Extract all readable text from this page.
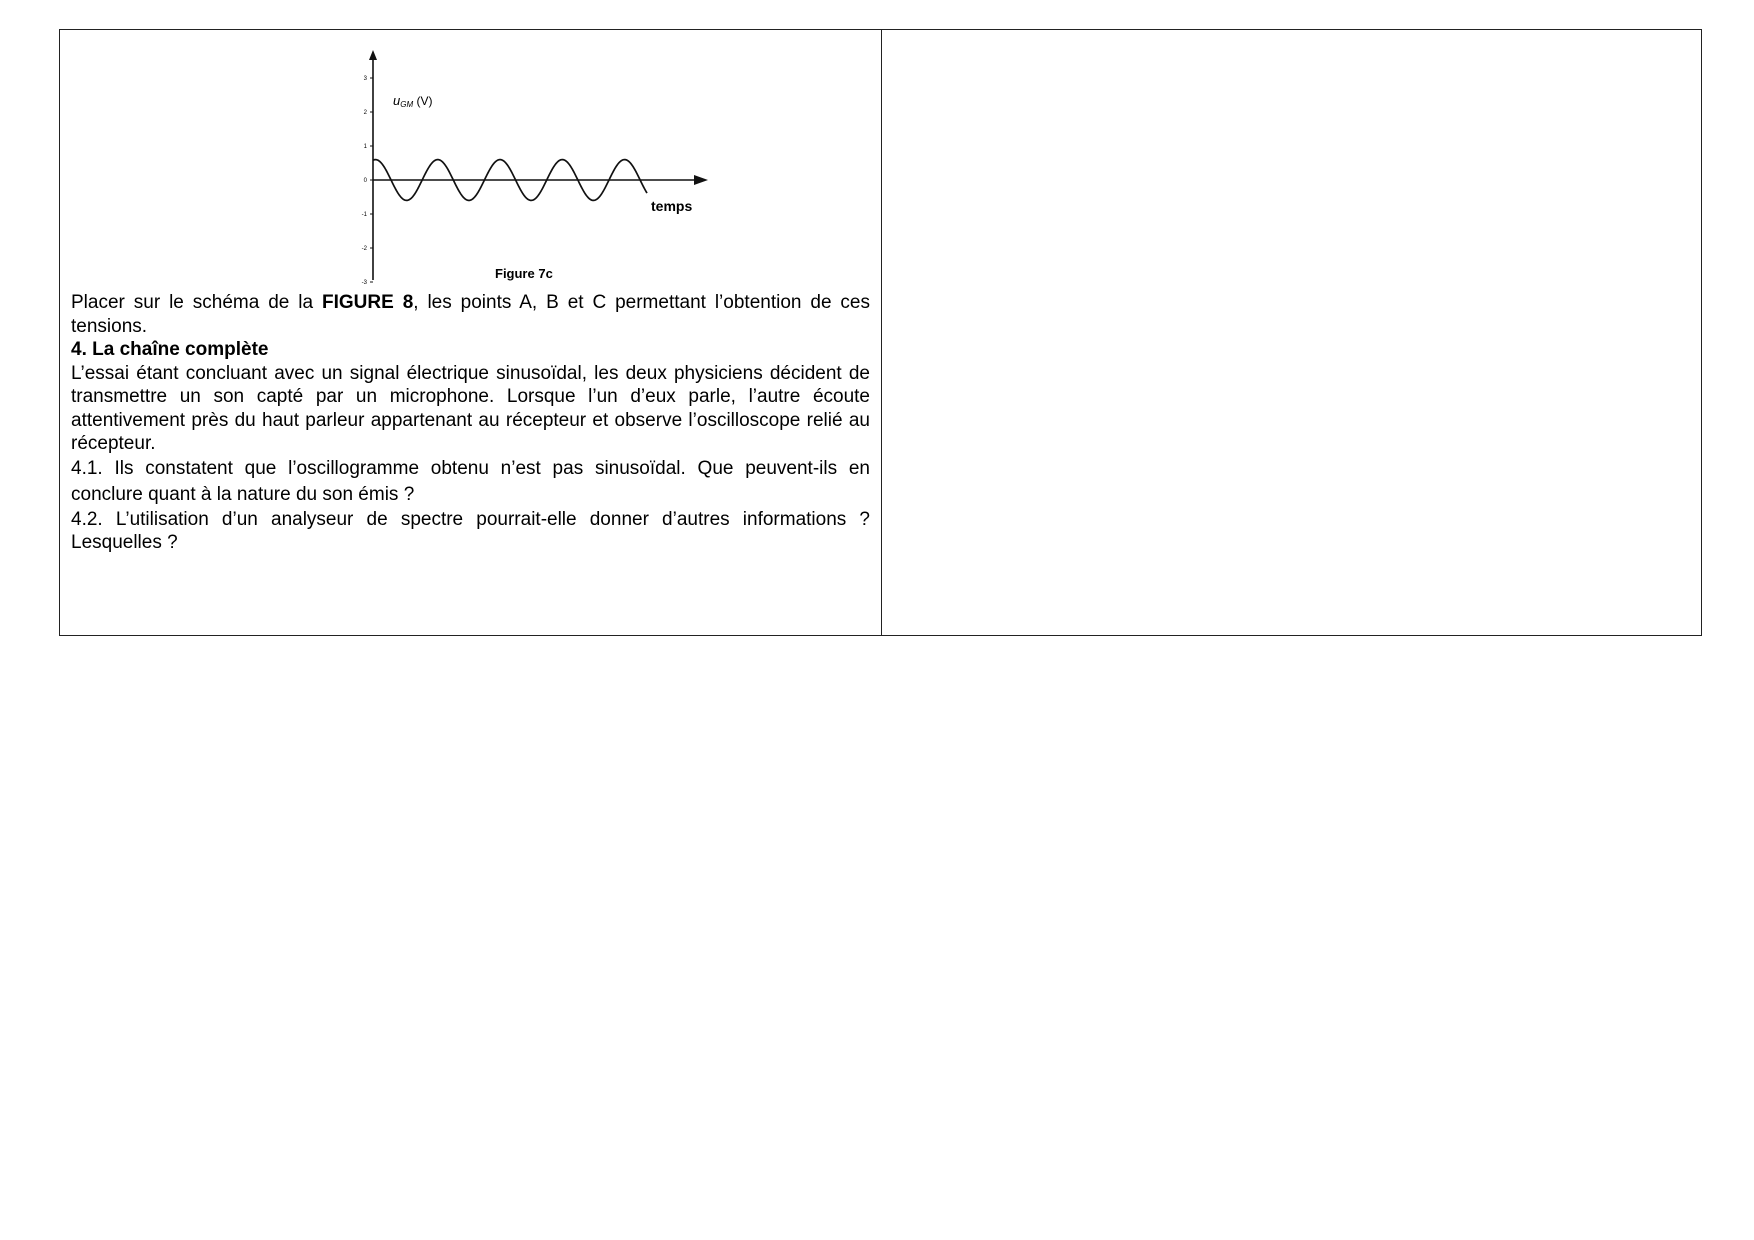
3
2
1
0
-1
-2
-3
uGM (V)
temps
Figure 7c

Placer sur le schéma de la FIGURE 8, les points A, B et C permettant l’obtention de ces tensions.

4. La chaîne complète

L’essai étant concluant avec un signal électrique sinusoïdal, les deux physiciens décident de transmettre un son capté par un microphone. Lorsque l’un d’eux parle, l’autre écoute attentivement près du haut parleur appartenant au récepteur et observe l’oscilloscope relié au récepteur.

4.1. Ils constatent que l’oscillogramme obtenu n’est pas sinusoïdal. Que peuvent-ils en conclure quant à la nature du son émis ?

4.2. L’utilisation d’un analyseur de spectre pourrait-elle donner d’autres informations ? Lesquelles ?
